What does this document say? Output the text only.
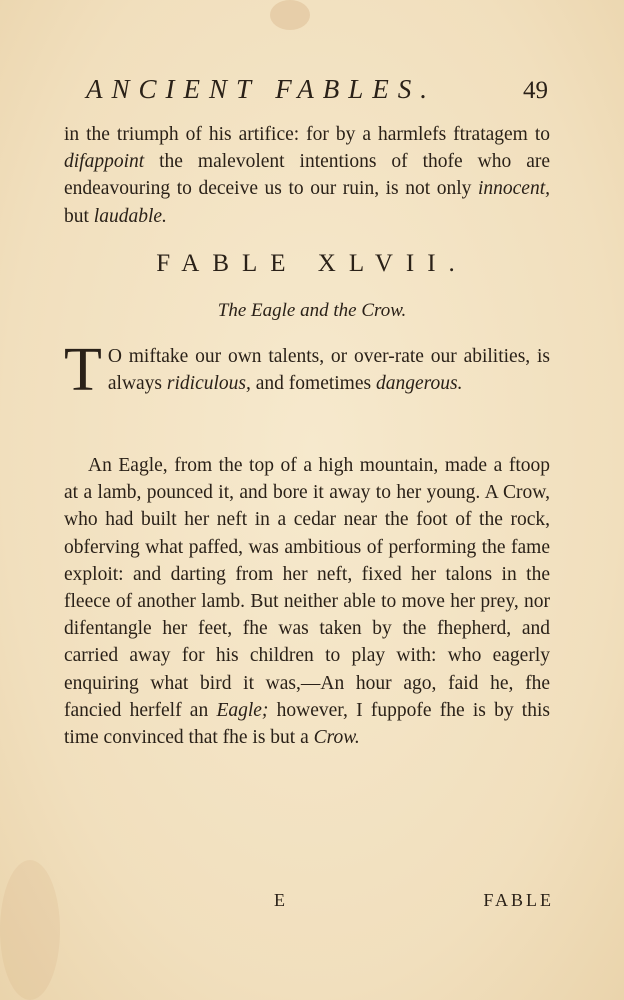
ANCIENT FABLES.	49

in the triumph of his artifice: for by a harmlefs ftratagem to difappoint the malevolent intentions of thofe who are endeavouring to deceive us to our ruin, is not only innocent, but laudable.

FABLE XLVII.
The Eagle and the Crow.

T O miftake our own talents, or over-rate our abilities, is always ridiculous, and fometimes dangerous.

An Eagle, from the top of a high mountain, made a ftoop at a lamb, pounced it, and bore it away to her young. A Crow, who had built her neft in a cedar near the foot of the rock, obferving what paffed, was ambitious of performing the fame exploit: and darting from her neft, fixed her talons in the fleece of another lamb. But neither able to move her prey, nor difentangle her feet, fhe was taken by the fhepherd, and carried away for his children to play with: who eagerly enquiring what bird it was,—An hour ago, faid he, fhe fancied herfelf an Eagle; however, I fuppofe fhe is by this time convinced that fhe is but a Crow.

E	FABLE
